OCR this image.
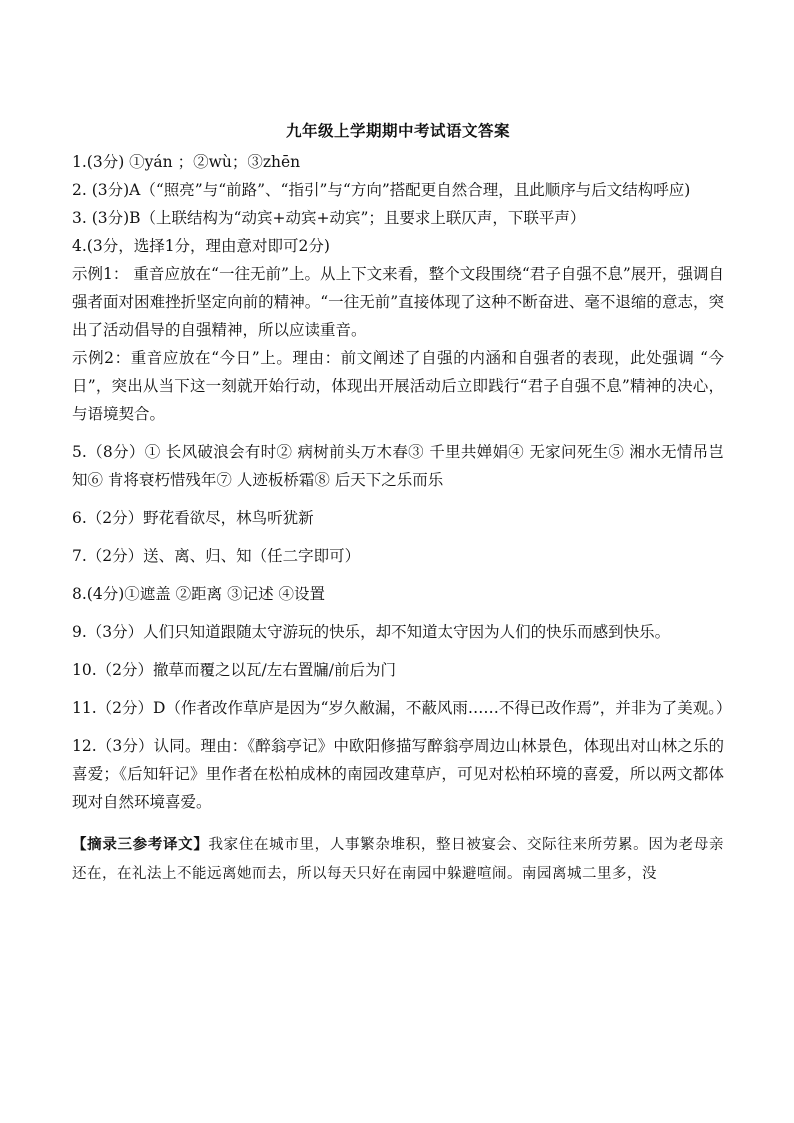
九年级上学期期中考试语文答案

1.(3分) ①yán ；②wù；③zhēn

2. (3分)A（“照亮”与“前路”、“指引”与“方向”搭配更自然合理，且此顺序与后文结构呼应)

3. (3分)B（上联结构为“动宾+动宾+动宾”；且要求上联仄声，下联平声）

4.(3分，选择1分，理由意对即可2分)

示例1： 重音应放在“一往无前”上。从上下文来看，整个文段围绕“君子自强不息”展开，强调自强者面对困难挫折坚定向前的精神。“一往无前”直接体现了这种不断奋进、毫不退缩的意志，突出了活动倡导的自强精神，所以应读重音。

示例2：重音应放在“今日”上。理由：前文阐述了自强的内涵和自强者的表现，此处强调 “今日”，突出从当下这一刻就开始行动，体现出开展活动后立即践行“君子自强不息”精神的决心，与语境契合。

5.（8分）① 长风破浪会有时② 病树前头万木春③ 千里共婵娟④ 无家问死生⑤ 湘水无情吊岂知⑥ 肯将衰朽惜残年⑦ 人迹板桥霜⑧ 后天下之乐而乐

6.（2分）野花看欲尽，林鸟听犹新

7.（2分）送、离、归、知（任二字即可）

8.(4分)①遮盖 ②距离 ③记述 ④设置

9.（3分）人们只知道跟随太守游玩的快乐，却不知道太守因为人们的快乐而感到快乐。

10.（2分）撤草而覆之以瓦/左右置牖/前后为门

11.（2分）D（作者改作草庐是因为“岁久敝漏，不蔽风雨……不得已改作焉”，并非为了美观。）

12.（3分）认同。理由：《醉翁亭记》中欧阳修描写醉翁亭周边山林景色，体现出对山林之乐的喜爱；《后知轩记》里作者在松柏成林的南园改建草庐，可见对松柏环境的喜爱，所以两文都体现对自然环境喜爱。

【摘录三参考译文】我家住在城市里，人事繁杂堆积，整日被宴会、交际往来所劳累。因为老母亲还在，在礼法上不能远离她而去，所以每天只好在南园中躲避喧闹。南园离城二里多，没
